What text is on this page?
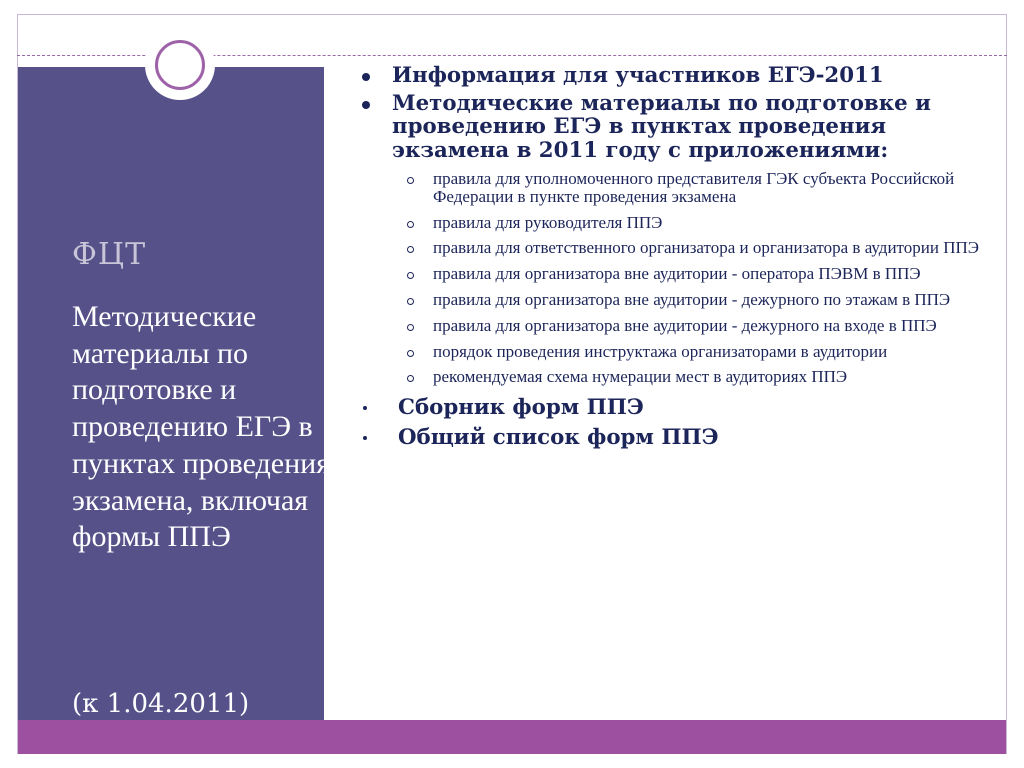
ФЦТ
Методические материалы по подготовке и проведению ЕГЭ в пунктах проведения экзамена, включая формы ППЭ
(к 1.04.2011)
Информация для участников ЕГЭ-2011
Методические материалы по подготовке и проведению ЕГЭ в пунктах проведения экзамена в 2011 году с приложениями:
правила для уполномоченного представителя ГЭК субъекта Российской Федерации в пункте проведения экзамена
правила для руководителя ППЭ
правила для ответственного организатора и организатора в аудитории ППЭ
правила для организатора вне аудитории - оператора ПЭВМ в ППЭ
правила для организатора вне аудитории - дежурного по этажам в ППЭ
правила для организатора вне аудитории - дежурного на входе в ППЭ
порядок проведения инструктажа организаторами в аудитории
рекомендуемая схема нумерации мест в аудиториях ППЭ
Сборник форм ППЭ
Общий список форм ППЭ
